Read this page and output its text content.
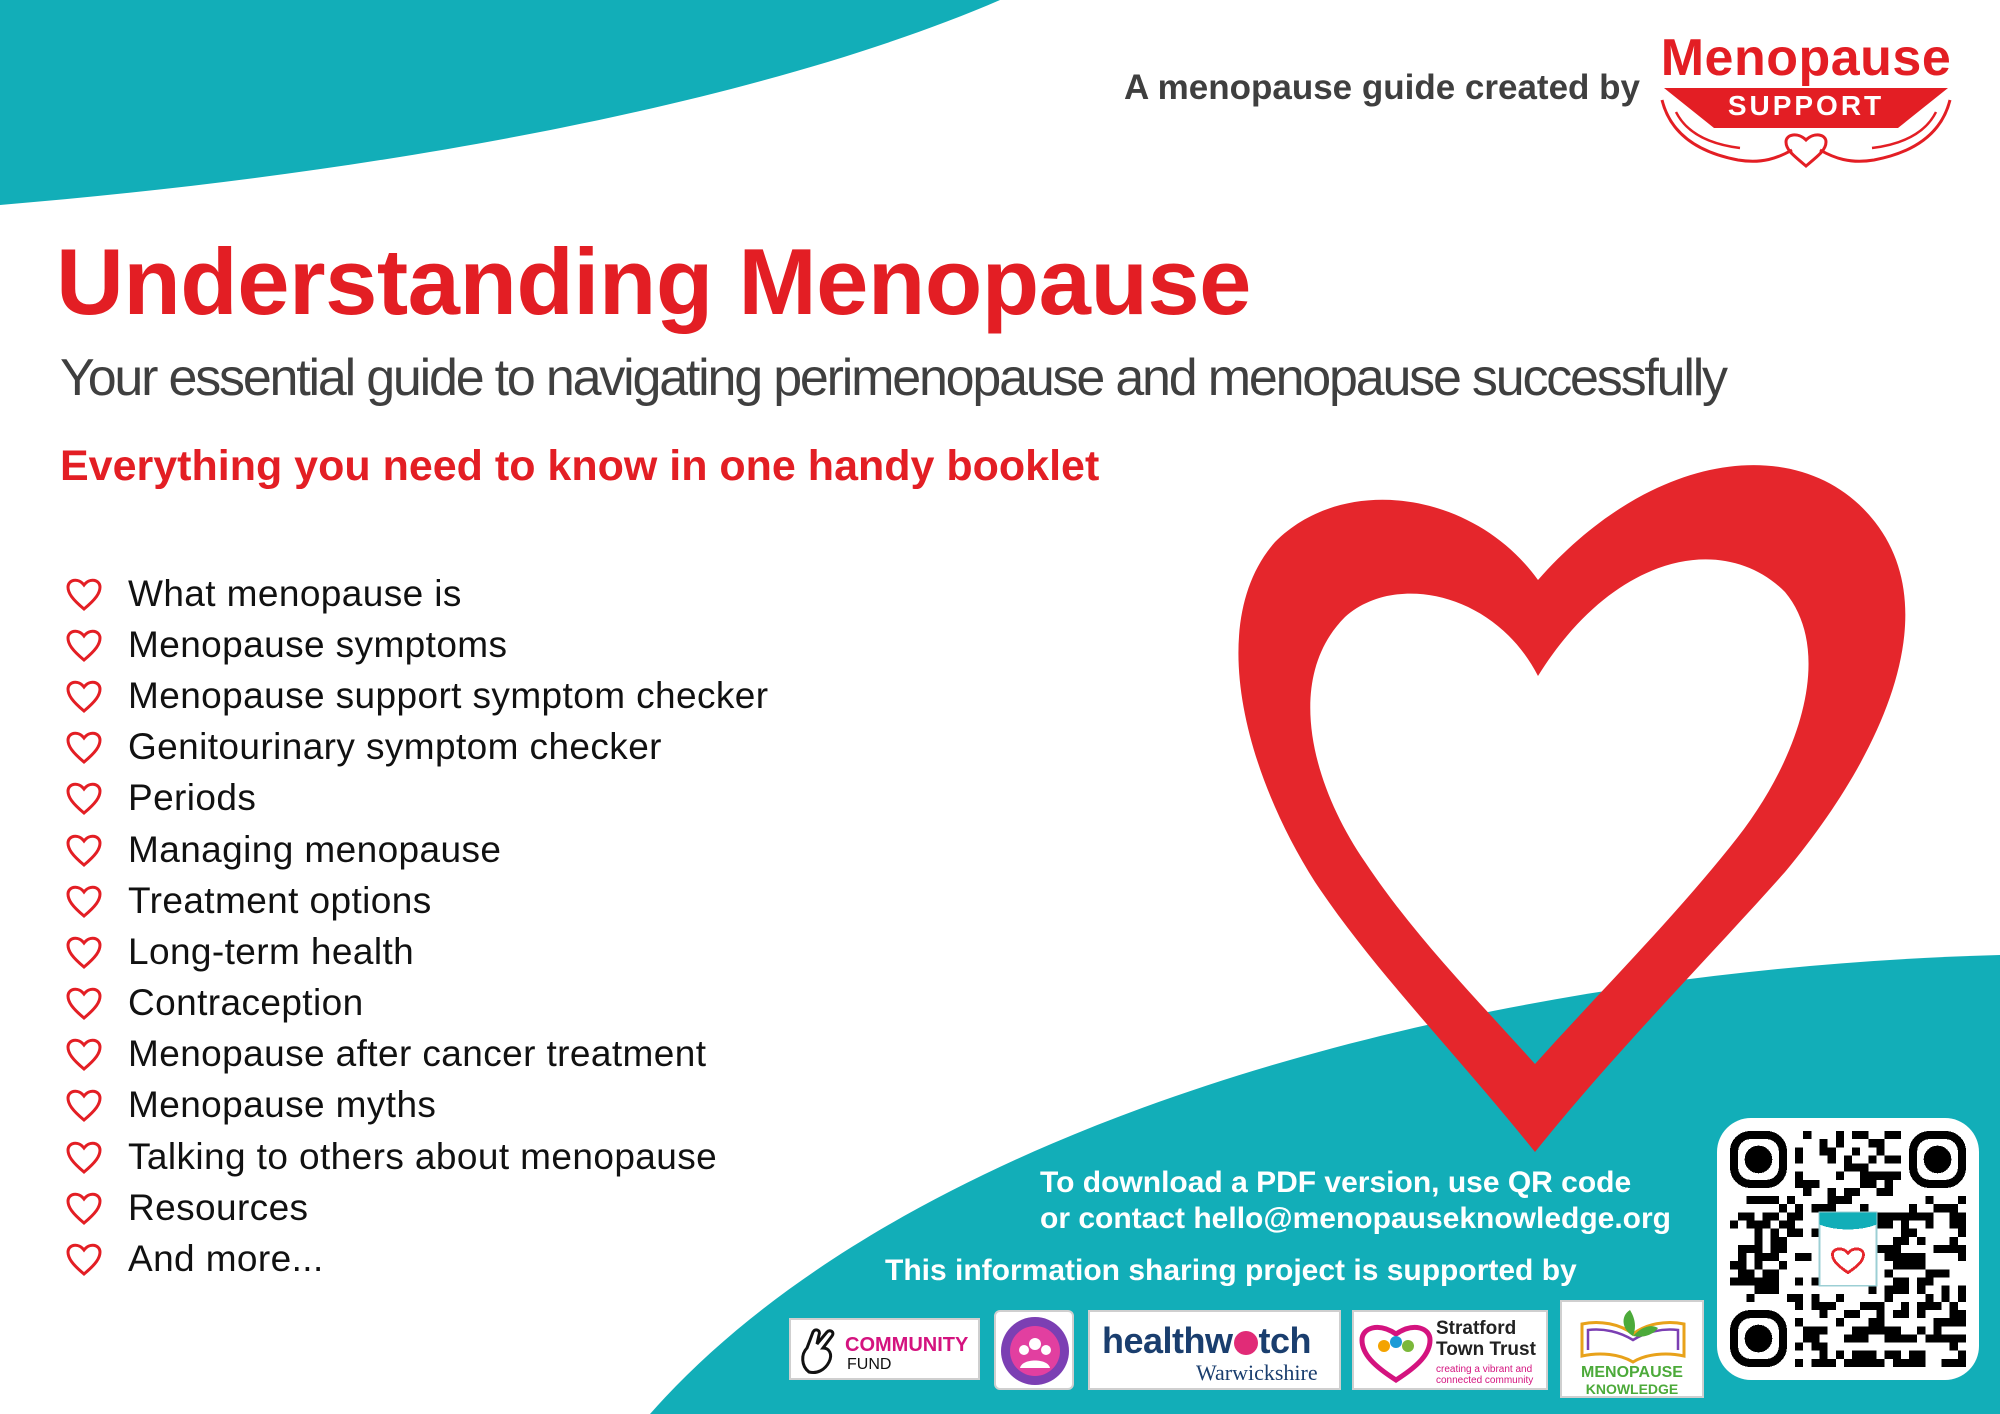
A menopause guide created by
Menopause
SUPPORT
Understanding Menopause
Your essential guide to navigating perimenopause and menopause successfully
Everything you need to know in one handy booklet
What menopause is
Menopause symptoms
Menopause support symptom checker
Genitourinary symptom checker
Periods
Managing menopause
Treatment options
Long-term health
Contraception
Menopause after cancer treatment
Menopause myths
Talking to others about menopause
Resources
And more...
To download a PDF version, use QR code
or contact hello@menopauseknowledge.org
This information sharing project is supported by
COMMUNITY
FUND
healthw tch
Warwickshire
Stratford
Town Trust
creating a vibrant and
connected community	MENOPAUSE
KNOWLEDGE
